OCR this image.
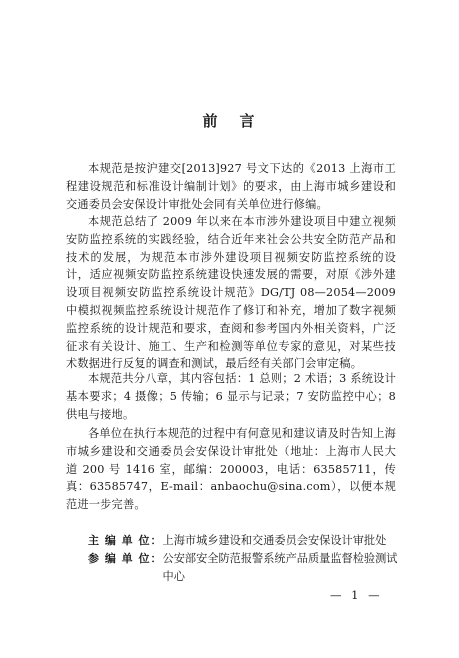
前 言

本规范是按沪建交[2013]927 号文下达的《2013 上海市工程建设规范和标准设计编制计划》的要求，由上海市城乡建设和交通委员会安保设计审批处会同有关单位进行修编。

本规范总结了 2009 年以来在本市涉外建设项目中建立视频安防监控系统的实践经验，结合近年来社会公共安全防范产品和技术的发展，为规范本市涉外建设项目视频安防监控系统的设计，适应视频安防监控系统建设快速发展的需要，对原《涉外建设项目视频安防监控系统设计规范》DG/TJ 08—2054—2009 中模拟视频监控系统设计规范作了修订和补充，增加了数字视频监控系统的设计规范和要求，查阅和参考国内外相关资料，广泛征求有关设计、施工、生产和检测等单位专家的意见，对某些技术数据进行反复的调查和测试，最后经有关部门会审定稿。

本规范共分八章，其内容包括：1 总则；2 术语；3 系统设计基本要求；4 摄像；5 传输；6 显示与记录；7 安防监控中心；8 供电与接地。

各单位在执行本规范的过程中有何意见和建议请及时告知上海市城乡建设和交通委员会安保设计审批处（地址：上海市人民大道 200 号 1416 室，邮编：200003，电话：63585711，传真：63585747，E-mail：anbaochu@sina.com），以便本规范进一步完善。

主 编 单 位： 上海市城乡建设和交通委员会安保设计审批处
参 编 单 位： 公安部安全防范报警系统产品质量监督检验测试中心
— 1 —
